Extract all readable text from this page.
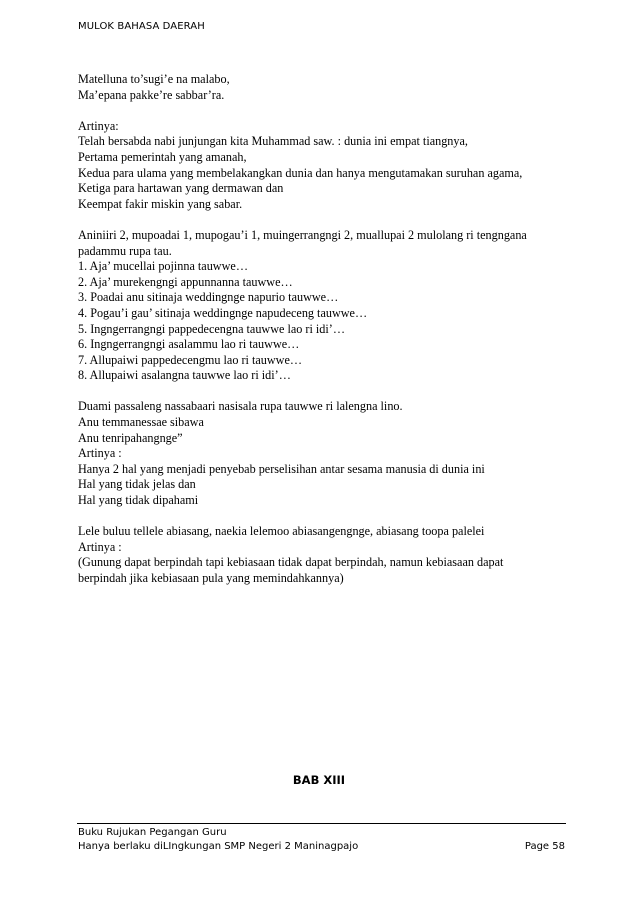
MULOK BAHASA DAERAH
Matelluna to’sugi’e na malabo,
Ma’epana pakke’re sabbar’ra.
Artinya:
Telah bersabda nabi junjungan kita Muhammad saw. : dunia ini empat tiangnya,
Pertama pemerintah yang amanah,
Kedua para ulama yang membelakangkan dunia dan hanya mengutamakan suruhan agama,
Ketiga para hartawan yang dermawan dan
Keempat fakir miskin yang sabar.
Aniniiri 2, mupoadai 1, mupogau’i 1, muingerrangngi 2, muallupai 2 mulolang ri tengngana
padammu rupa tau.
1. Aja’ mucellai pojinna tauwwe…
2. Aja’ murekengngi appunnanna tauwwe…
3. Poadai anu sitinaja weddingnge napurio tauwwe…
4. Pogau’i gau’ sitinaja weddingnge napudeceng tauwwe…
5. Ingngerrangngi pappedecengna tauwwe lao ri idi’…
6. Ingngerrangngi asalammu lao ri tauwwe…
7. Allupaiwi pappedecengmu lao ri tauwwe…
8. Allupaiwi asalangna tauwwe lao ri idi’…
Duami passaleng nassabaari nasisala rupa tauwwe ri lalengna lino.
Anu temmanessae sibawa
Anu tenripahangnge”
Artinya :
Hanya 2 hal yang menjadi penyebab perselisihan antar sesama manusia di dunia ini
Hal yang tidak jelas dan
Hal yang tidak dipahami
Lele buluu tellele abiasang, naekia lelemoo abiasangengnge, abiasang toopa palelei
Artinya :
(Gunung dapat berpindah tapi kebiasaan tidak dapat berpindah, namun kebiasaan dapat
berpindah jika kebiasaan pula yang memindahkannya)
BAB XIII
Buku Rujukan Pegangan Guru
Hanya berlaku diLIngkungan SMP Negeri 2 Maninagpajo	Page 58
